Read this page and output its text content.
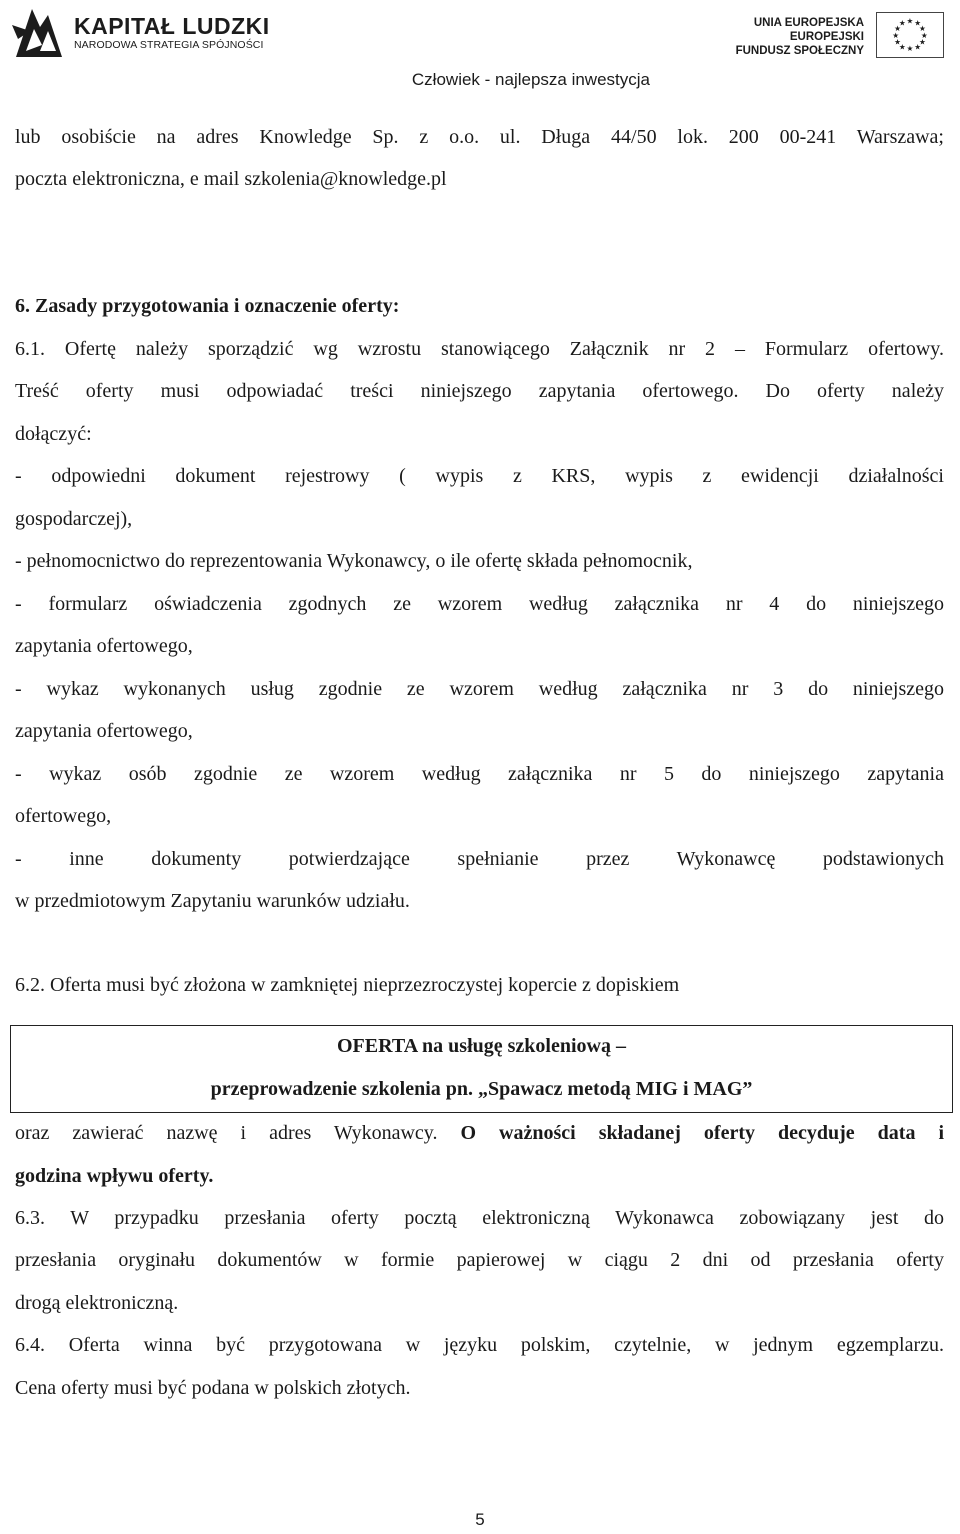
KAPITAŁ LUDZKI
NARODOWA STRATEGIA SPÓJNOŚCI
UNIA EUROPEJSKA
EUROPEJSKI
FUNDUSZ SPOŁECZNY
★ ★
★
★
★
★
★
★
★
★
★
★
Człowiek - najlepsza inwestycja
lub osobiście na adres Knowledge Sp. z o.o. ul. Długa 44/50 lok. 200 00-241 Warszawa;
poczta elektroniczna, e mail szkolenia@knowledge.pl
6. Zasady przygotowania i oznaczenie oferty:
6.1. Ofertę należy sporządzić wg wzrostu stanowiącego Załącznik nr 2 – Formularz ofertowy.
Treść oferty musi odpowiadać treści niniejszego zapytania ofertowego. Do oferty należy
dołączyć:
- odpowiedni dokument rejestrowy ( wypis z KRS, wypis z ewidencji działalności
gospodarczej),
- pełnomocnictwo do reprezentowania Wykonawcy, o ile ofertę składa pełnomocnik,
- formularz oświadczenia zgodnych ze wzorem według załącznika nr 4 do niniejszego
zapytania ofertowego,
- wykaz wykonanych usług zgodnie ze wzorem według załącznika nr 3 do niniejszego
zapytania ofertowego,
- wykaz osób zgodnie ze wzorem według załącznika nr 5 do niniejszego zapytania
ofertowego,
- inne dokumenty potwierdzające spełnianie przez Wykonawcę podstawionych
w przedmiotowym Zapytaniu warunków udziału.
6.2. Oferta musi być złożona w zamkniętej nieprzezroczystej kopercie z dopiskiem
OFERTA na usługę szkoleniową –
przeprowadzenie szkolenia pn. „Spawacz metodą MIG i MAG”
oraz zawierać nazwę i adres Wykonawcy. O ważności składanej oferty decyduje data i
godzina wpływu oferty.
6.3. W przypadku przesłania oferty pocztą elektroniczną Wykonawca zobowiązany jest do
przesłania oryginału dokumentów w formie papierowej w ciągu 2 dni od przesłania oferty
drogą elektroniczną.
6.4. Oferta winna być przygotowana w języku polskim, czytelnie, w jednym egzemplarzu.
Cena oferty musi być podana w polskich złotych.
5
